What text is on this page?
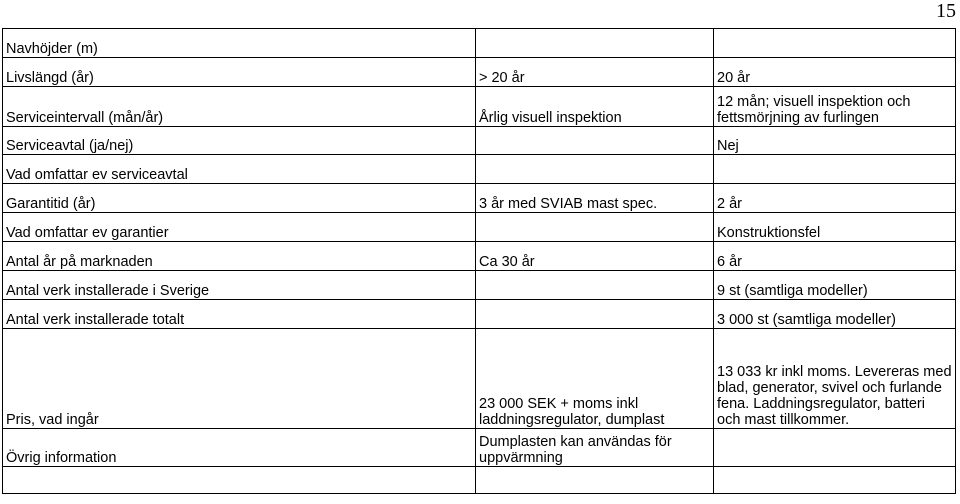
15
Navhöjder (m)		
Livslängd (år)	> 20 år	20 år
Serviceintervall (mån/år)	Årlig visuell inspektion	12 mån; visuell inspektion och fettsmörjning av furlingen
Serviceavtal (ja/nej)		Nej
Vad omfattar ev serviceavtal		
Garantitid (år)	3 år med SVIAB mast spec.	2 år
Vad omfattar ev garantier		Konstruktionsfel
Antal år på marknaden	Ca 30 år	6 år
Antal verk installerade i Sverige		9 st (samtliga modeller)
Antal verk installerade totalt		3 000 st (samtliga modeller)
Pris, vad ingår	23 000 SEK + moms inkl laddningsregulator, dumplast	13 033 kr inkl moms. Levereras med blad, generator, svivel och furlande fena. Laddningsregulator, batteri och mast tillkommer.
Övrig information	Dumplasten kan användas för uppvärmning	
